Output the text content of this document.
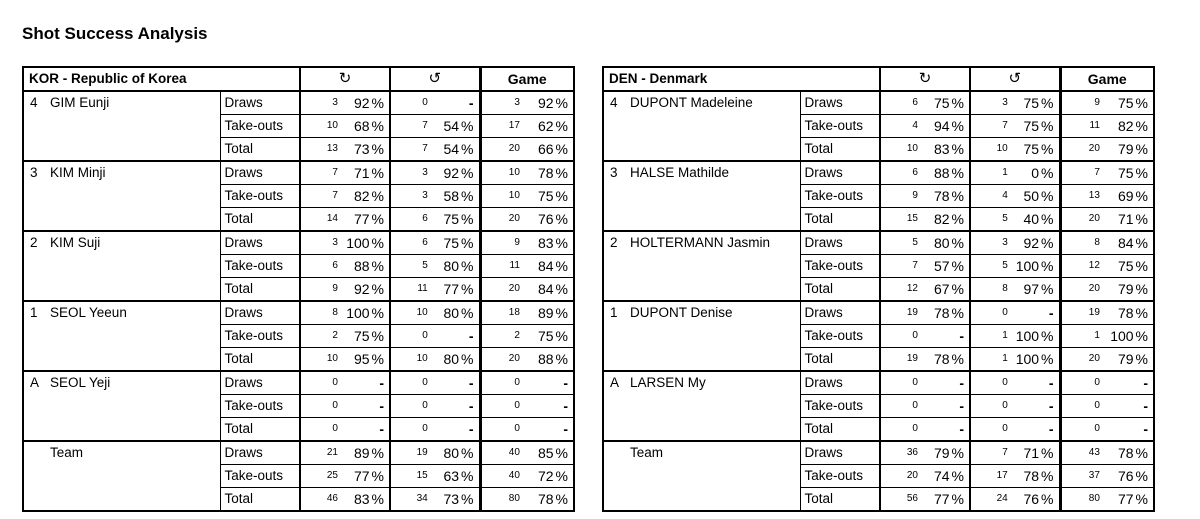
Shot Success Analysis
KOR - Republic of Korea		↻	↺	Game
4 GIM Eunji	Draws	3 92 %	0 -	3 92 %

	Take-outs	10 68 %	7 54 %	17 62 %

	Total	13 73 %	7 54 %	20 66 %

3 KIM Minji	Draws	7 71 %	3 92 %	10 78 %

	Take-outs	7 82 %	3 58 %	10 75 %

	Total	14 77 %	6 75 %	20 76 %

2 KIM Suji	Draws	3 100 %	6 75 %	9 83 %

	Take-outs	6 88 %	5 80 %	11 84 %

	Total	9 92 %	11 77 %	20 84 %

1 SEOL Yeeun	Draws	8 100 %	10 80 %	18 89 %

	Take-outs	2 75 %	0 -	2 75 %

	Total	10 95 %	10 80 %	20 88 %

A SEOL Yeji	Draws	0 -	0 -	0 -

	Take-outs	0 -	0 -	0 -

	Total	0 -	0 -	0 -

Team	Draws	21 89 %	19 80 %	40 85 %

	Take-outs	25 77 %	15 63 %	40 72 %

	Total	46 83 %	34 73 %	80 78 %
DEN - Denmark		↻	↺	Game
4 DUPONT Madeleine	Draws	6 75 %	3 75 %	9 75 %

	Take-outs	4 94 %	7 75 %	11 82 %

	Total	10 83 %	10 75 %	20 79 %

3 HALSE Mathilde	Draws	6 88 %	1 0 %	7 75 %

	Take-outs	9 78 %	4 50 %	13 69 %

	Total	15 82 %	5 40 %	20 71 %

2 HOLTERMANN Jasmin	Draws	5 80 %	3 92 %	8 84 %

	Take-outs	7 57 %	5 100 %	12 75 %

	Total	12 67 %	8 97 %	20 79 %

1 DUPONT Denise	Draws	19 78 %	0 -	19 78 %

	Take-outs	0 -	1 100 %	1 100 %

	Total	19 78 %	1 100 %	20 79 %

A LARSEN My	Draws	0 -	0 -	0 -

	Take-outs	0 -	0 -	0 -

	Total	0 -	0 -	0 -

Team	Draws	36 79 %	7 71 %	43 78 %

	Take-outs	20 74 %	17 78 %	37 76 %

	Total	56 77 %	24 76 %	80 77 %
